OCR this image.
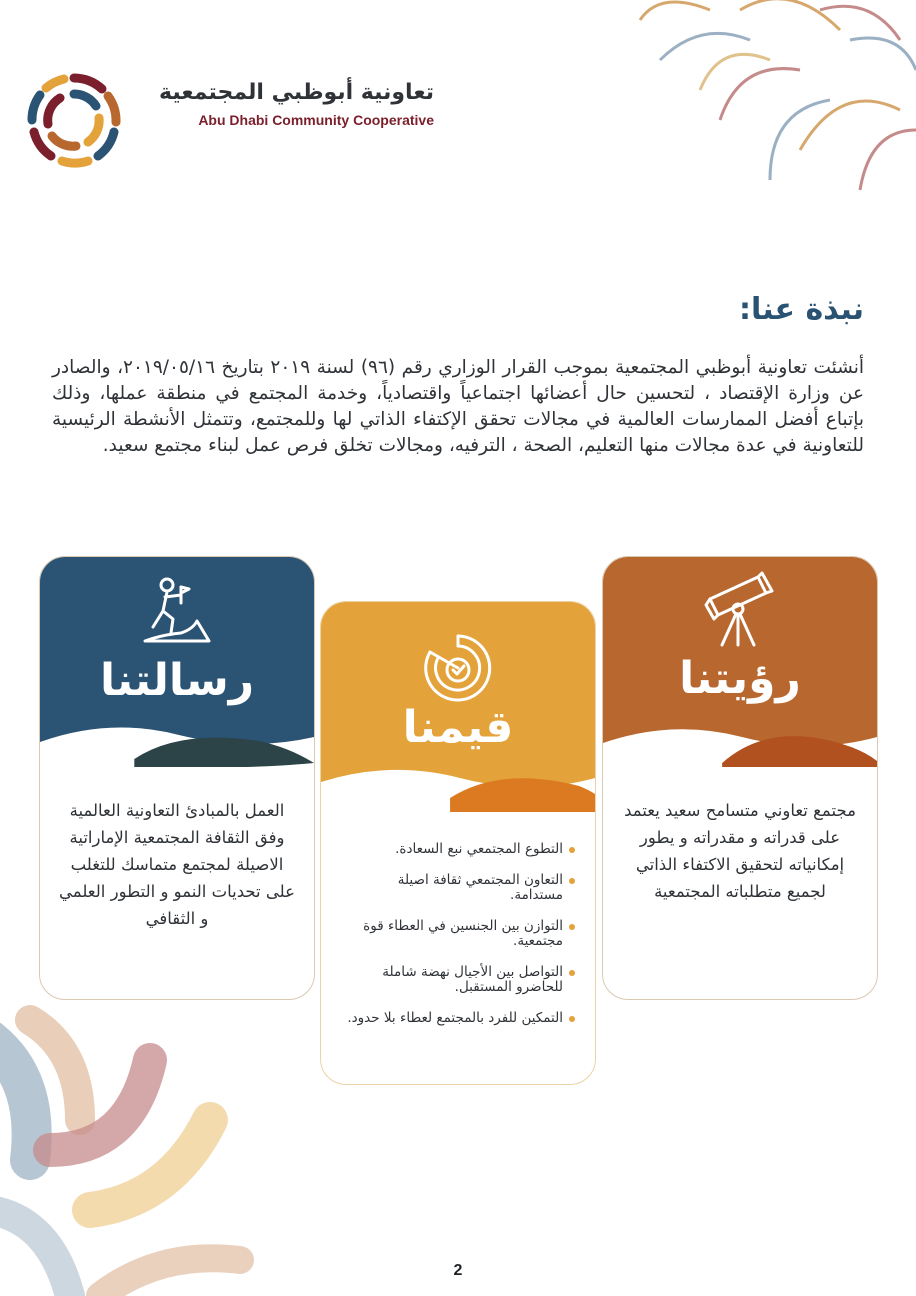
تعاونية أبوظبي المجتمعية
Abu Dhabi Community Cooperative
نبذة عنا:

أنشئت تعاونية أبوظبي المجتمعية بموجب القرار الوزاري رقم (٩٦) لسنة ٢٠١٩ بتاريخ ٢٠١٩/٠٥/١٦، والصادر عن وزارة الإقتصاد ، لتحسين حال أعضائها اجتماعياً واقتصادياً، وخدمة المجتمع في منطقة عملها، وذلك بإتباع أفضل الممارسات العالمية في مجالات تحقق الإكتفاء الذاتي لها وللمجتمع، وتتمثل الأنشطة الرئيسية للتعاونية في عدة مجالات منها التعليم، الصحة ، الترفيه، ومجالات تخلق فرص عمل لبناء مجتمع سعيد.

رسالتنا

العمل بالمبادئ التعاونية العالمية وفق الثقافة المجتمعية الإماراتية الاصيلة لمجتمع متماسك للتغلب على تحديات النمو و التطور العلمي و الثقافي

قيمنا
التطوع المجتمعي نبع السعادة.
التعاون المجتمعي ثقافة اصيلة مستدامة.
التوازن بين الجنسين في العطاء قوة مجتمعية.
التواصل بين الأجيال نهضة شاملة للحاضرو المستقبل.
التمكين للفرد بالمجتمع لعطاء بلا حدود.
رؤيتنا

مجتمع تعاوني متسامح سعيد يعتمد على قدراته و مقدراته و يطور إمكانياته لتحقيق الاكتفاء الذاتي لجميع متطلباته المجتمعية

2
